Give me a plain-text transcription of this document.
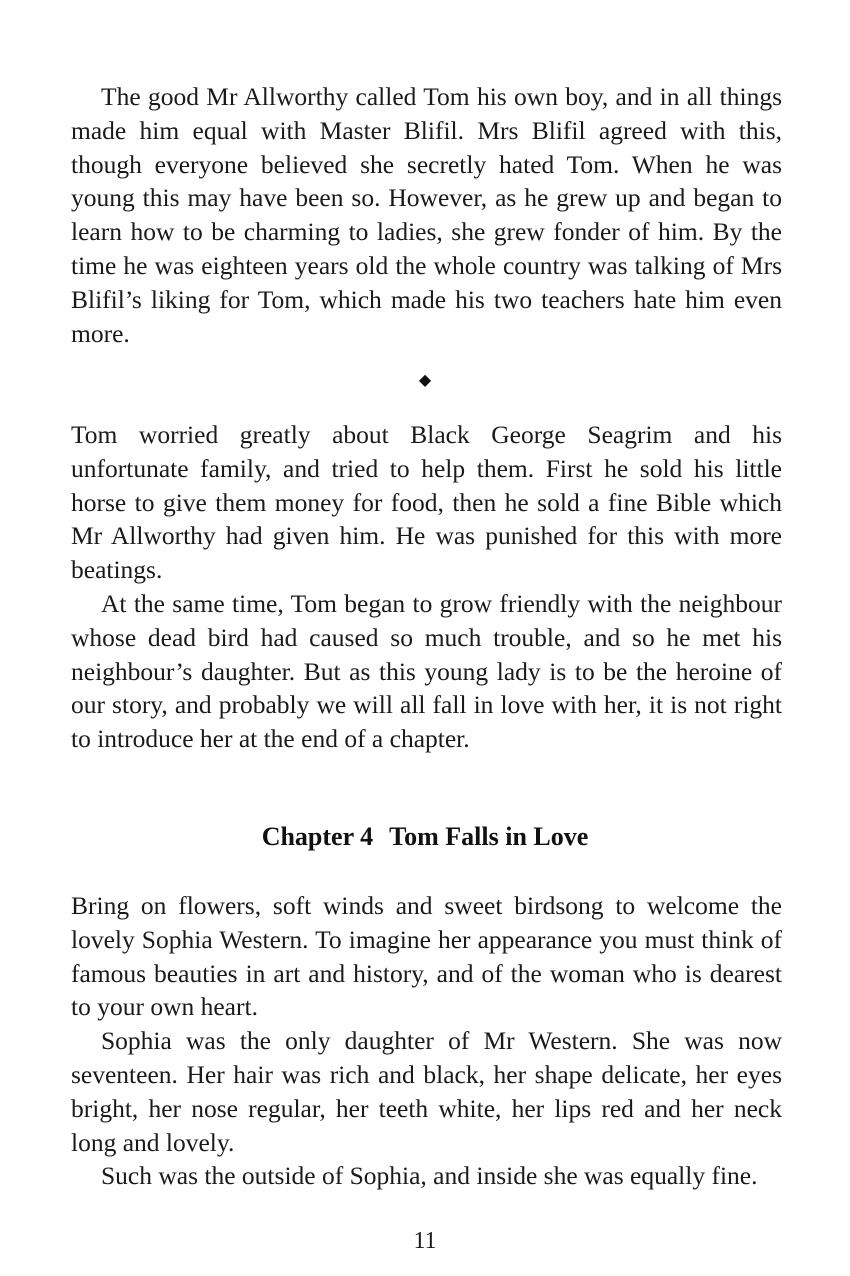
The good Mr Allworthy called Tom his own boy, and in all things made him equal with Master Blifil. Mrs Blifil agreed with this, though everyone believed she secretly hated Tom. When he was young this may have been so. However, as he grew up and began to learn how to be charming to ladies, she grew fonder of him. By the time he was eighteen years old the whole country was talking of Mrs Blifil’s liking for Tom, which made his two teachers hate him even more.

◆

Tom worried greatly about Black George Seagrim and his unfortunate family, and tried to help them. First he sold his little horse to give them money for food, then he sold a fine Bible which Mr Allworthy had given him. He was punished for this with more beatings.

At the same time, Tom began to grow friendly with the neighbour whose dead bird had caused so much trouble, and so he met his neighbour’s daughter. But as this young lady is to be the heroine of our story, and probably we will all fall in love with her, it is not right to introduce her at the end of a chapter.

Chapter 4 Tom Falls in Love

Bring on flowers, soft winds and sweet birdsong to welcome the lovely Sophia Western. To imagine her appearance you must think of famous beauties in art and history, and of the woman who is dearest to your own heart.

Sophia was the only daughter of Mr Western. She was now seventeen. Her hair was rich and black, her shape delicate, her eyes bright, her nose regular, her teeth white, her lips red and her neck long and lovely.

Such was the outside of Sophia, and inside she was equally fine.

11
